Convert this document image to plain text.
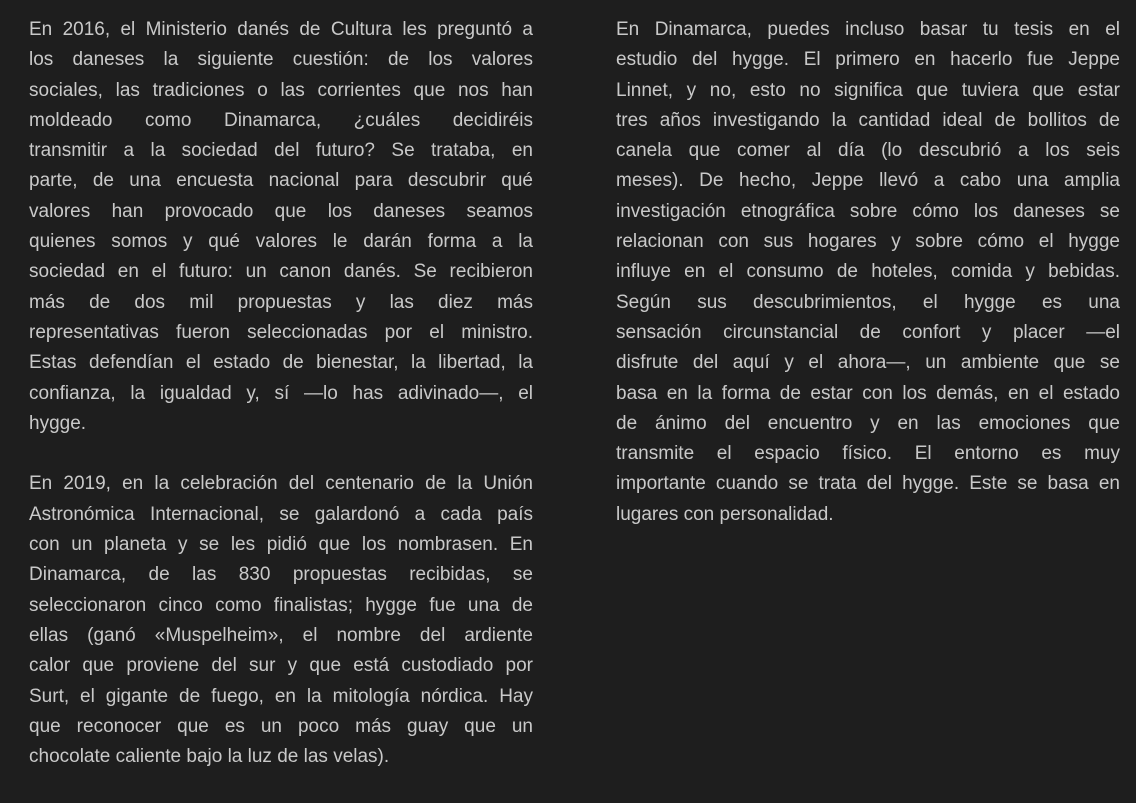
En 2016, el Ministerio danés de Cultura les preguntó a
los daneses la siguiente cuestión: de los valores
sociales, las tradiciones o las corrientes que nos han
moldeado como Dinamarca, ¿cuáles decidiréis
transmitir a la sociedad del futuro? Se trataba, en
parte, de una encuesta nacional para descubrir qué
valores han provocado que los daneses seamos
quienes somos y qué valores le darán forma a la
sociedad en el futuro: un canon danés. Se recibieron
más de dos mil propuestas y las diez más
representativas fueron seleccionadas por el ministro.
Estas defendían el estado de bienestar, la libertad, la
confianza, la igualdad y, sí —lo has adivinado—, el
hygge.
En 2019, en la celebración del centenario de la Unión
Astronómica Internacional, se galardonó a cada país
con un planeta y se les pidió que los nombrasen. En
Dinamarca, de las 830 propuestas recibidas, se
seleccionaron cinco como finalistas; hygge fue una de
ellas (ganó «Muspelheim», el nombre del ardiente
calor que proviene del sur y que está custodiado por
Surt, el gigante de fuego, en la mitología nórdica. Hay
que reconocer que es un poco más guay que un
chocolate caliente bajo la luz de las velas).
En Dinamarca, puedes incluso basar tu tesis en el
estudio del hygge. El primero en hacerlo fue Jeppe
Linnet, y no, esto no significa que tuviera que estar
tres años investigando la cantidad ideal de bollitos de
canela que comer al día (lo descubrió a los seis
meses). De hecho, Jeppe llevó a cabo una amplia
investigación etnográfica sobre cómo los daneses se
relacionan con sus hogares y sobre cómo el hygge
influye en el consumo de hoteles, comida y bebidas.
Según sus descubrimientos, el hygge es una
sensación circunstancial de confort y placer —el
disfrute del aquí y el ahora—, un ambiente que se
basa en la forma de estar con los demás, en el estado
de ánimo del encuentro y en las emociones que
transmite el espacio físico. El entorno es muy
importante cuando se trata del hygge. Este se basa en
lugares con personalidad.
